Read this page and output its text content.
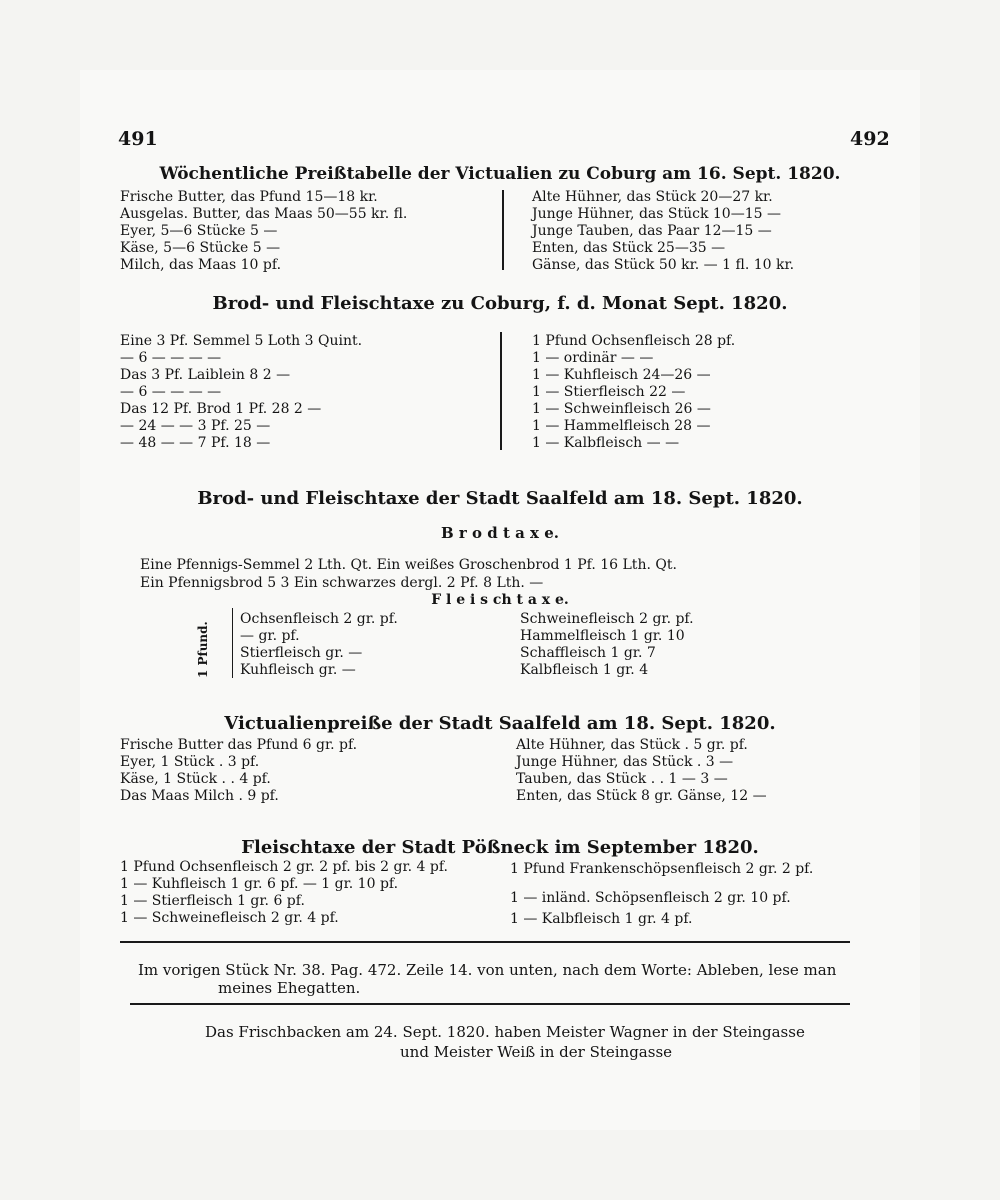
491	492
Wöchentliche Preißtabelle der Victualien zu Coburg am 16. Sept. 1820.
Frische Butter, das Pfund 15—18 kr.
Ausgelas. Butter, das Maas 50—55 kr. fl.
Eyer, 5—6 Stücke 5 —
Käse, 5—6 Stücke 5 —
Milch, das Maas 10 pf.
Alte Hühner, das Stück 20—27 kr.
Junge Hühner, das Stück 10—15 —
Junge Tauben, das Paar 12—15 —
Enten, das Stück 25—35 —
Gänse, das Stück 50 kr. — 1 fl. 10 kr.
Brod- und Fleischtaxe zu Coburg, f. d. Monat Sept. 1820.
Eine 3 Pf. Semmel 5 Loth 3 Quint.
— 6 — — — —
Das 3 Pf. Laiblein 8 2 —
— 6 — — — —
Das 12 Pf. Brod 1 Pf. 28 2 —
— 24 — — 3 Pf. 25 —
— 48 — — 7 Pf. 18 —
1 Pfund Ochsenfleisch 28 pf.
1 — ordinär — —
1 — Kuhfleisch 24—26 —
1 — Stierfleisch 22 —
1 — Schweinfleisch 26 —
1 — Hammelfleisch 28 —
1 — Kalbfleisch — —
Brod- und Fleischtaxe der Stadt Saalfeld am 18. Sept. 1820.
B r o d t a x e.
Eine Pfennigs-Semmel 2 Lth. Qt. Ein weißes Groschenbrod 1 Pf. 16 Lth. Qt.
Ein Pfennigsbrod 5 3 Ein schwarzes dergl. 2 Pf. 8 Lth. —
F l e i s ch t a x e.
1 Pfund.
Ochsenfleisch 2 gr. pf.
— gr. pf.
Stierfleisch gr. —
Kuhfleisch gr. —
Schweinefleisch 2 gr. pf.
Hammelfleisch 1 gr. 10
Schaffleisch 1 gr. 7
Kalbfleisch 1 gr. 4
Victualienpreiße der Stadt Saalfeld am 18. Sept. 1820.
Frische Butter das Pfund 6 gr. pf.
Eyer, 1 Stück . 3 pf.
Käse, 1 Stück . . 4 pf.
Das Maas Milch . 9 pf.
Alte Hühner, das Stück . 5 gr. pf.
Junge Hühner, das Stück . 3 —
Tauben, das Stück . . 1 — 3 —
Enten, das Stück 8 gr. Gänse, 12 —
Fleischtaxe der Stadt Pößneck im September 1820.
1 Pfund Ochsenfleisch 2 gr. 2 pf. bis 2 gr. 4 pf.
1 — Kuhfleisch 1 gr. 6 pf. — 1 gr. 10 pf.
1 — Stierfleisch 1 gr. 6 pf.
1 — Schweinefleisch 2 gr. 4 pf.
1 Pfund Frankenschöpsenfleisch 2 gr. 2 pf.
1 — inländ. Schöpsenfleisch 2 gr. 10 pf.
1 — Kalbfleisch 1 gr. 4 pf.
Im vorigen Stück Nr. 38. Pag. 472. Zeile 14. von unten, nach dem Worte: Ableben, lese man
meines Ehegatten.
Das Frischbacken am 24. Sept. 1820. haben Meister Wagner in der Steingasse
und Meister Weiß in der Steingasse
